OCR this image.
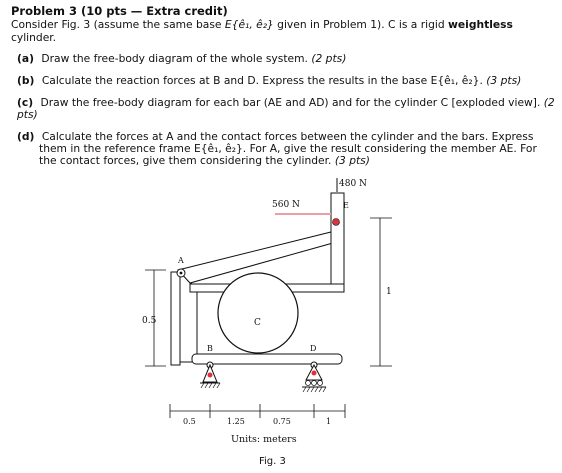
Problem 3 (10 pts — Extra credit)
Consider Fig. 3 (assume the same base E{ê₁, ê₂} given in Problem 1). C is a rigid weightless cylinder.
(a) Draw the free-body diagram of the whole system. (2 pts)
(b) Calculate the reaction forces at B and D. Express the results in the base E{ê₁, ê₂}. (3 pts)
(c) Draw the free-body diagram for each bar (AE and AD) and for the cylinder C [exploded view]. (2 pts)
(d) Calculate the forces at A and the contact forces between the cylinder and the bars. Express them in the reference frame E{ê₁, ê₂}. For A, give the result considering the member AE. For the contact forces, give them considering the cylinder. (3 pts)
0.5
1
A
E
480 N
560 N
C
B	D
0.5	1.25	0.75	1
Units: meters
Fig. 3
